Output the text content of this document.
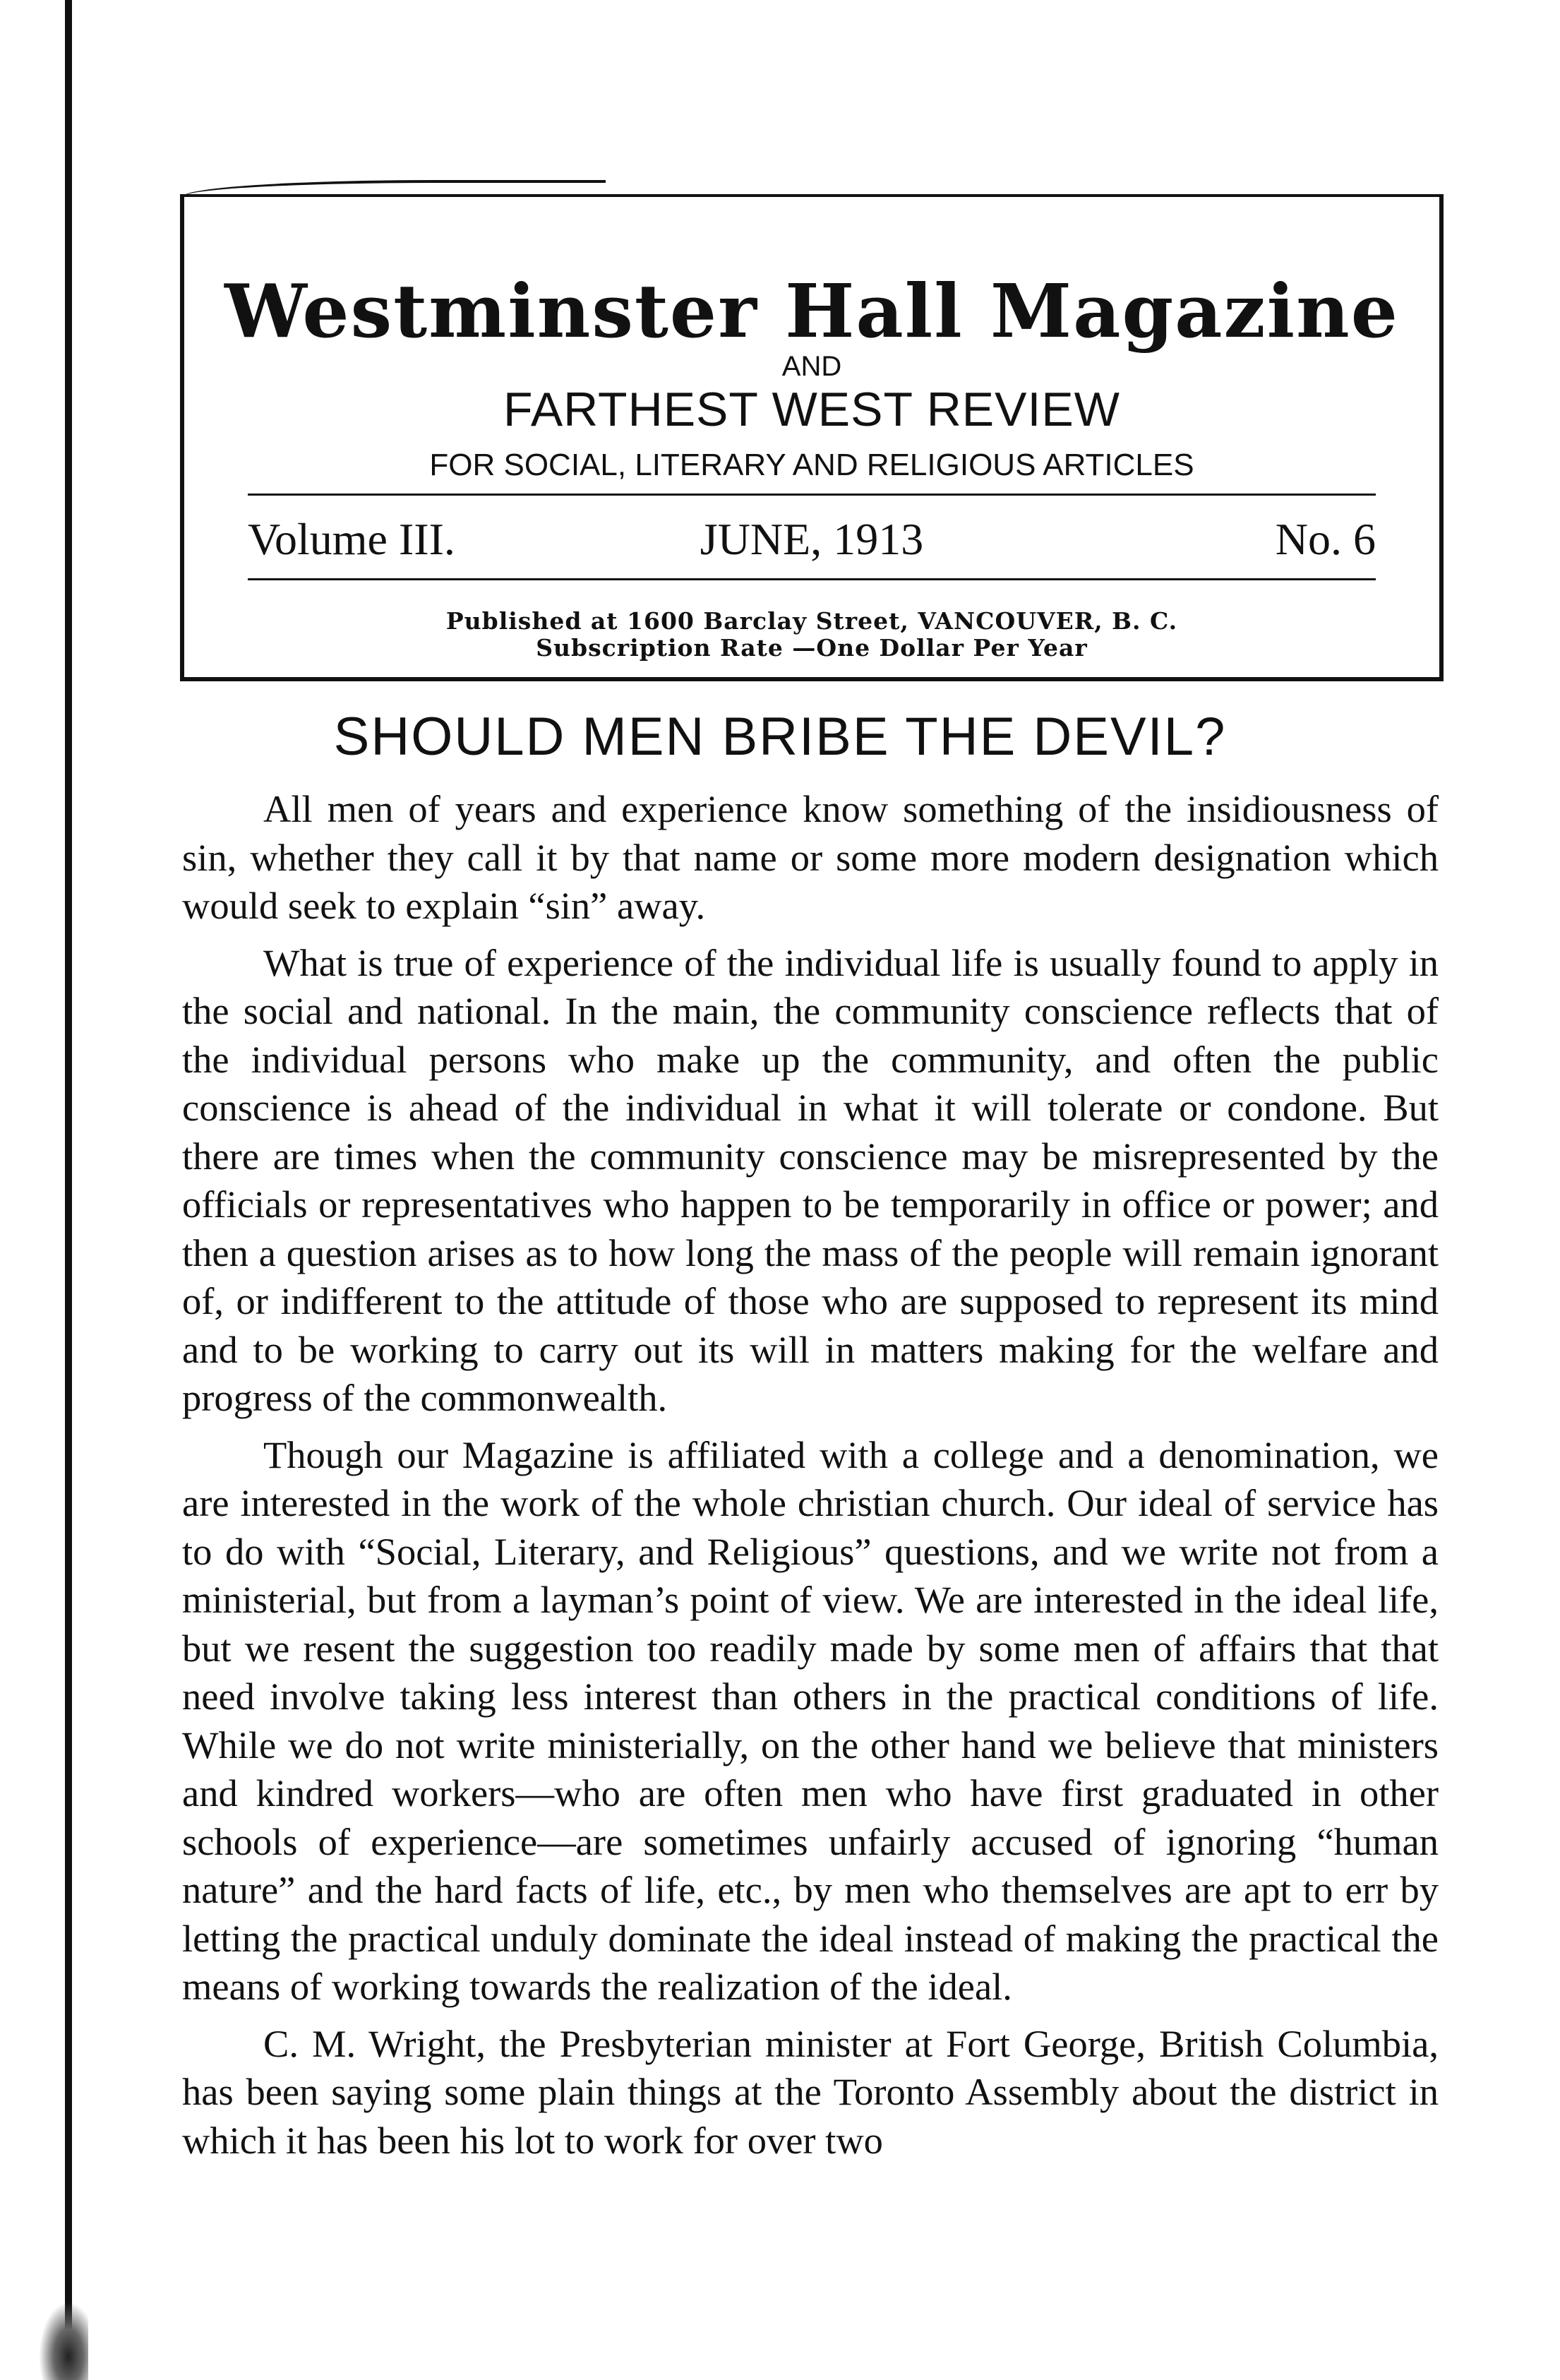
Westminster Hall Magazine
AND
FARTHEST WEST REVIEW
FOR SOCIAL, LITERARY AND RELIGIOUS ARTICLES
Volume III.	JUNE, 1913	No. 6
Published at 1600 Barclay Street, VANCOUVER, B. C.
Subscription Rate —One Dollar Per Year
SHOULD MEN BRIBE THE DEVIL?

All men of years and experience know something of the insidiousness of sin, whether they call it by that name or some more modern designation which would seek to explain “sin” away.

What is true of experience of the individual life is usually found to apply in the social and national. In the main, the community conscience reflects that of the individual persons who make up the community, and often the public conscience is ahead of the individual in what it will tolerate or condone. But there are times when the community conscience may be misrepresented by the officials or representatives who happen to be temporarily in office or power; and then a question arises as to how long the mass of the people will remain ignorant of, or indifferent to the attitude of those who are supposed to represent its mind and to be working to carry out its will in matters making for the welfare and progress of the commonwealth.

Though our Magazine is affiliated with a college and a denomination, we are interested in the work of the whole christian church. Our ideal of service has to do with “Social, Literary, and Religious” questions, and we write not from a ministerial, but from a layman’s point of view. We are interested in the ideal life, but we resent the suggestion too readily made by some men of affairs that that need involve taking less interest than others in the practical conditions of life. While we do not write ministerially, on the other hand we believe that ministers and kindred workers—who are often men who have first graduated in other schools of experience—are sometimes unfairly accused of ignoring “human nature” and the hard facts of life, etc., by men who themselves are apt to err by letting the practical unduly dominate the ideal instead of making the practical the means of working towards the realization of the ideal.

C. M. Wright, the Presbyterian minister at Fort George, British Columbia, has been saying some plain things at the Toronto Assembly about the district in which it has been his lot to work for over two
